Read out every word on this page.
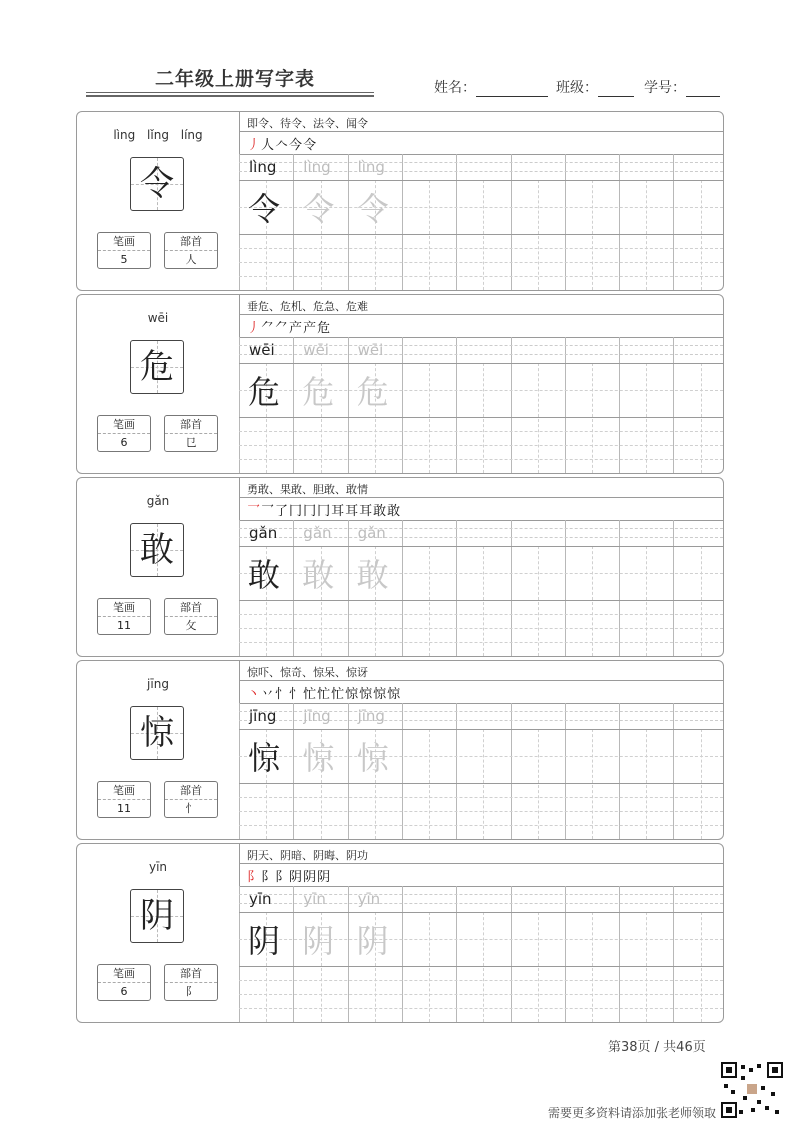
二年级上册写字表	姓名：	班级：	学号：
lìng lǐng líng
令
笔画
5
部首
人
即令、待令、法令、闻令
丿人𠆢今令
lìng
令
lìng
令
lìng
令
wēi
危
笔画
6
部首
㔾
垂危、危机、危急、危难
丿⺈⺈产产危
wēi
危
wēi
危
wēi
危
gǎn
敢
笔画
11
部首
攵
勇敢、果敢、胆敢、敢情
乛乛了冂冂冂耳耳耳敢敢
gǎn
敢
gǎn
敢
gǎn
敢
jīng
惊
笔画
11
部首
忄
惊吓、惊奇、惊呆、惊讶
丶丷忄忄忙忙忙惊惊惊惊
jīng
惊
jīng
惊
jīng
惊
yīn
阴
笔画
6
部首
阝
阴天、阴暗、阴晦、阴功
阝阝阝阴阴阴
yīn
阴
yīn
阴
yīn
阴
第38页 / 共46页
需要更多资料请添加张老师领取
